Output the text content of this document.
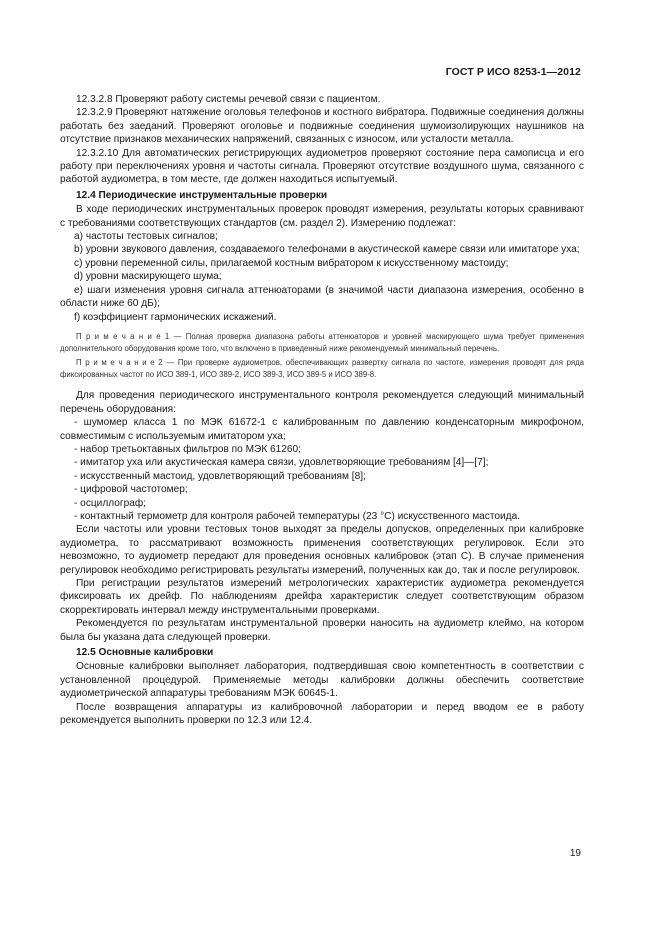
ГОСТ Р ИСО 8253-1—2012

12.3.2.8 Проверяют работу системы речевой связи с пациентом.

12.3.2.9 Проверяют натяжение оголовья телефонов и костного вибратора. Подвижные соединения должны работать без заеданий. Проверяют оголовье и подвижные соединения шумоизолирующих наушников на отсутствие признаков механических напряжений, связанных с износом, или усталости металла.

12.3.2.10 Для автоматических регистрирующих аудиометров проверяют состояние пера самописца и его работу при переключениях уровня и частоты сигнала. Проверяют отсутствие воздушного шума, связанного с работой аудиометра, в том месте, где должен находиться испытуемый.

12.4 Периодические инструментальные проверки

В ходе периодических инструментальных проверок проводят измерения, результаты которых сравнивают с требованиями соответствующих стандартов (см. раздел 2). Измерению подлежат:

a) частоты тестовых сигналов;

b) уровни звукового давления, создаваемого телефонами в акустической камере связи или имитаторе уха;

c) уровни переменной силы, прилагаемой костным вибратором к искусственному мастоиду;

d) уровни маскирующего шума;

e) шаги изменения уровня сигнала аттенюаторами (в значимой части диапазона измерения, особенно в области ниже 60 дБ);

f) коэффициент гармонических искажений.

П р и м е ч а н и е 1 — Полная проверка диапазона работы аттенюаторов и уровней маскирующего шума требует применения дополнительного оборудования кроме того, что включено в приведенный ниже рекомендуемый минимальный перечень.

П р и м е ч а н и е 2 — При проверке аудиометров, обеспечивающих развертку сигнала по частоте, измерения проводят для ряда фиксированных частот по ИСО 389-1, ИСО 389-2, ИСО 389-3, ИСО 389-5 и ИСО 389-8.

Для проведения периодического инструментального контроля рекомендуется следующий минимальный перечень оборудования:

- шумомер класса 1 по МЭК 61672-1 с калиброванным по давлению конденсаторным микрофоном, совместимым с используемым имитатором уха;

- набор третьоктавных фильтров по МЭК 61260;

- имитатор уха или акустическая камера связи, удовлетворяющие требованиям [4]—[7];

- искусственный мастоид, удовлетворяющий требованиям [8];

- цифровой частотомер;

- осциллограф;

- контактный термометр для контроля рабочей температуры (23 °С) искусственного мастоида.

Если частоты или уровни тестовых тонов выходят за пределы допусков, определенных при калибровке аудиометра, то рассматривают возможность применения соответствующих регулировок. Если это невозможно, то аудиометр передают для проведения основных калибровок (этап С). В случае применения регулировок необходимо регистрировать результаты измерений, полученных как до, так и после регулировок.

При регистрации результатов измерений метрологических характеристик аудиометра рекомендуется фиксировать их дрейф. По наблюдениям дрейфа характеристик следует соответствующим образом скорректировать интервал между инструментальными проверками.

Рекомендуется по результатам инструментальной проверки наносить на аудиометр клеймо, на котором была бы указана дата следующей проверки.

12.5 Основные калибровки

Основные калибровки выполняет лаборатория, подтвердившая свою компетентность в соответствии с установленной процедурой. Применяемые методы калибровки должны обеспечить соответствие аудиометрической аппаратуры требованиям МЭК 60645-1.

После возвращения аппаратуры из калибровочной лаборатории и перед вводом ее в работу рекомендуется выполнить проверки по 12.3 или 12.4.

19
